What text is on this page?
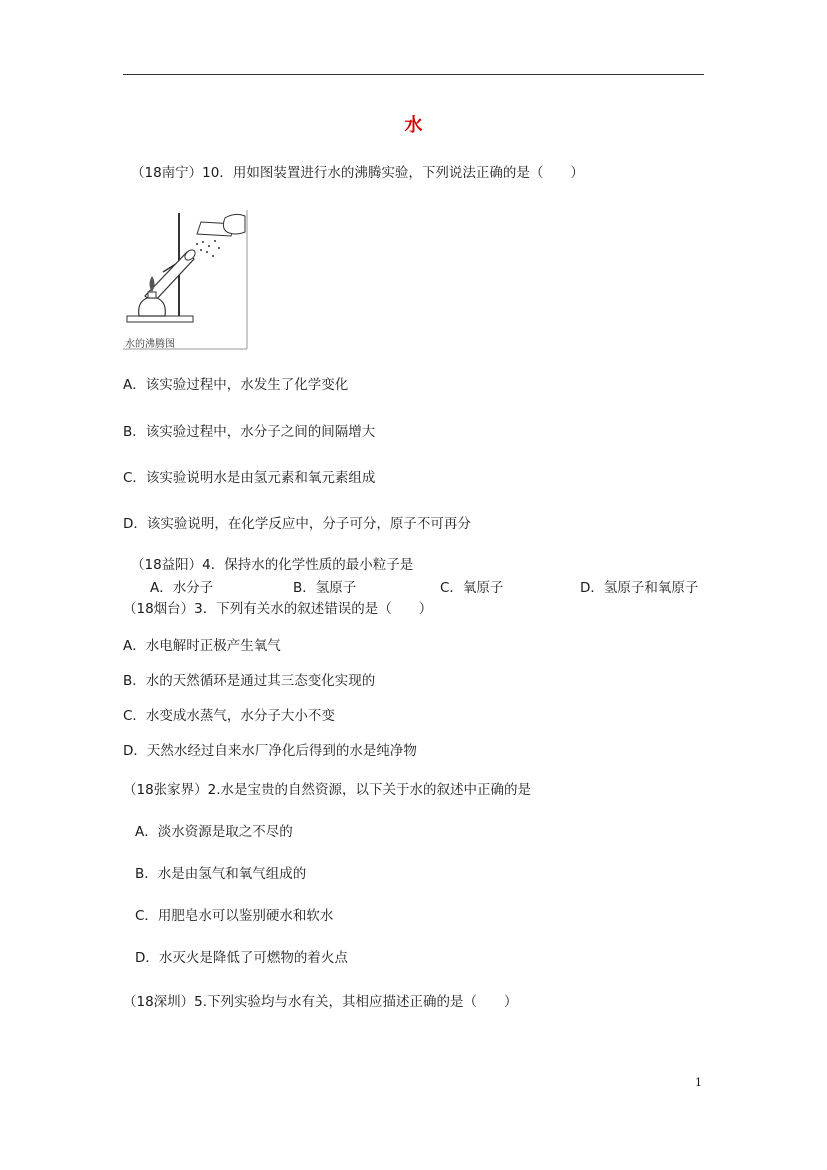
水
（18南宁）10．用如图装置进行水的沸腾实验，下列说法正确的是（　　）
水的沸腾图
A．该实验过程中，水发生了化学变化
B．该实验过程中，水分子之间的间隔增大
C．该实验说明水是由氢元素和氧元素组成
D．该实验说明，在化学反应中，分子可分，原子不可再分
（18益阳）4．保持水的化学性质的最小粒子是
A．水分子	B．氢原子	C．氧原子	D．氢原子和氧原子
（18烟台）3．下列有关水的叙述错误的是（　　）
A．水电解时正极产生氧气
B．水的天然循环是通过其三态变化实现的
C．水变成水蒸气，水分子大小不变
D．天然水经过自来水厂净化后得到的水是纯净物
（18张家界）2.水是宝贵的自然资源，以下关于水的叙述中正确的是
A．淡水资源是取之不尽的
B．水是由氢气和氧气组成的
C．用肥皂水可以鉴别硬水和软水
D．水灭火是降低了可燃物的着火点
（18深圳）5.下列实验均与水有关，其相应描述正确的是（　　）
1
